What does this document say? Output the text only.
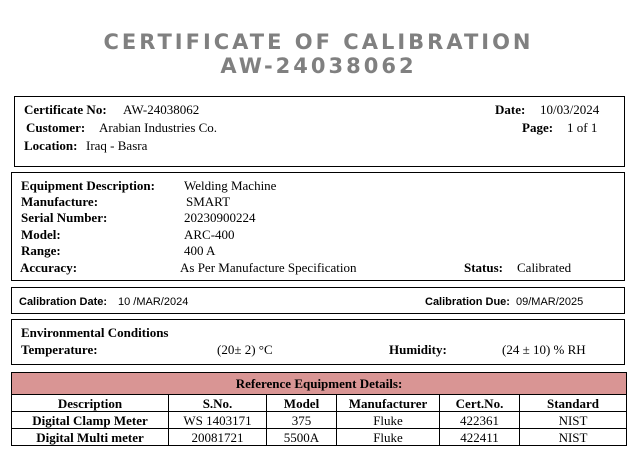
CERTIFICATE OF CALIBRATION
AW-24038062
Certificate No: AW-24038062
Customer: Arabian Industries Co.
Location: Iraq - Basra
Date: 10/03/2024
Page: 1 of 1
Equipment Description: Welding Machine
Manufacture:	SMART
Serial Number:	20230900224
Model:	ARC-400
Range:	400 A
Accuracy:	As Per Manufacture Specification	Status: Calibrated
Calibration Date: 10 /MAR/2024	Calibration Due: 09/MAR/2025
Environmental Conditions
Temperature:	(20± 2) °C	Humidity:	(24 ± 10) % RH
Reference Equipment Details:					
Description	S.No.	Model	Manufacturer	Cert.No.	Standard
Digital Clamp Meter	WS 1403171	375	Fluke	422361	NIST
Digital Multi meter	20081721	5500A	Fluke	422411	NIST
